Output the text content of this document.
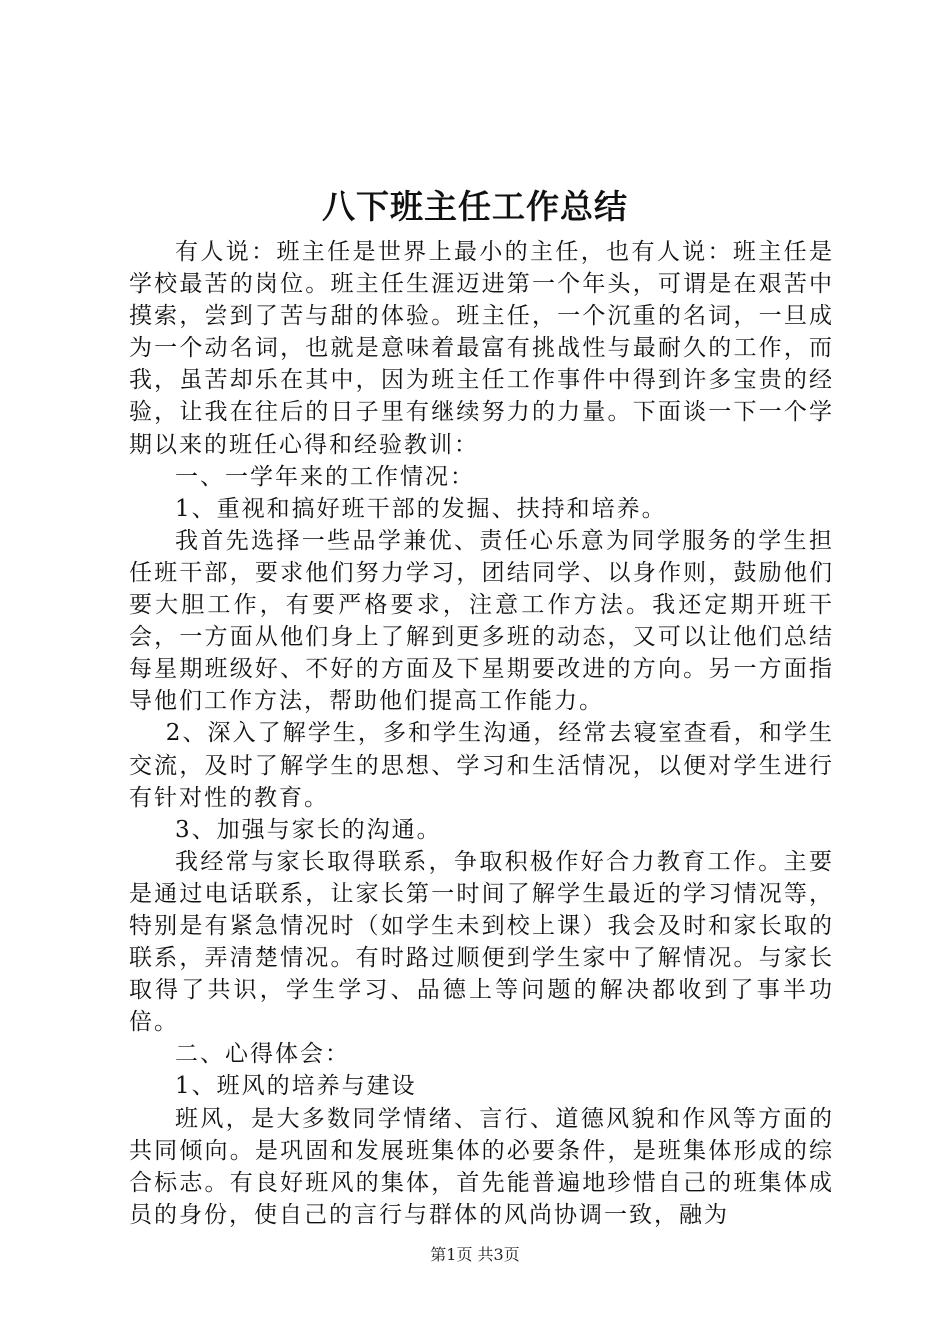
八下班主任工作总结

有人说：班主任是世界上最小的主任，也有人说：班主任是学校最苦的岗位。班主任生涯迈进第一个年头，可谓是在艰苦中摸索，尝到了苦与甜的体验。班主任，一个沉重的名词，一旦成为一个动名词，也就是意味着最富有挑战性与最耐久的工作，而我，虽苦却乐在其中，因为班主任工作事件中得到许多宝贵的经验，让我在往后的日子里有继续努力的力量。下面谈一下一个学期以来的班任心得和经验教训：

一、一学年来的工作情况：

1、重视和搞好班干部的发掘、扶持和培养。

我首先选择一些品学兼优、责任心乐意为同学服务的学生担任班干部，要求他们努力学习，团结同学、以身作则，鼓励他们要大胆工作，有要严格要求，注意工作方法。我还定期开班干会，一方面从他们身上了解到更多班的动态，又可以让他们总结每星期班级好、不好的方面及下星期要改进的方向。另一方面指导他们工作方法，帮助他们提高工作能力。

2、深入了解学生，多和学生沟通，经常去寝室查看，和学生交流，及时了解学生的思想、学习和生活情况，以便对学生进行有针对性的教育。

3、加强与家长的沟通。

我经常与家长取得联系，争取积极作好合力教育工作。主要是通过电话联系，让家长第一时间了解学生最近的学习情况等，特别是有紧急情况时（如学生未到校上课）我会及时和家长取的联系，弄清楚情况。有时路过顺便到学生家中了解情况。与家长取得了共识，学生学习、品德上等问题的解决都收到了事半功倍。

二、心得体会：

1、班风的培养与建设

班风，是大多数同学情绪、言行、道德风貌和作风等方面的共同倾向。是巩固和发展班集体的必要条件，是班集体形成的综合标志。有良好班风的集体，首先能普遍地珍惜自己的班集体成员的身份，使自己的言行与群体的风尚协调一致，融为

第1页 共3页
